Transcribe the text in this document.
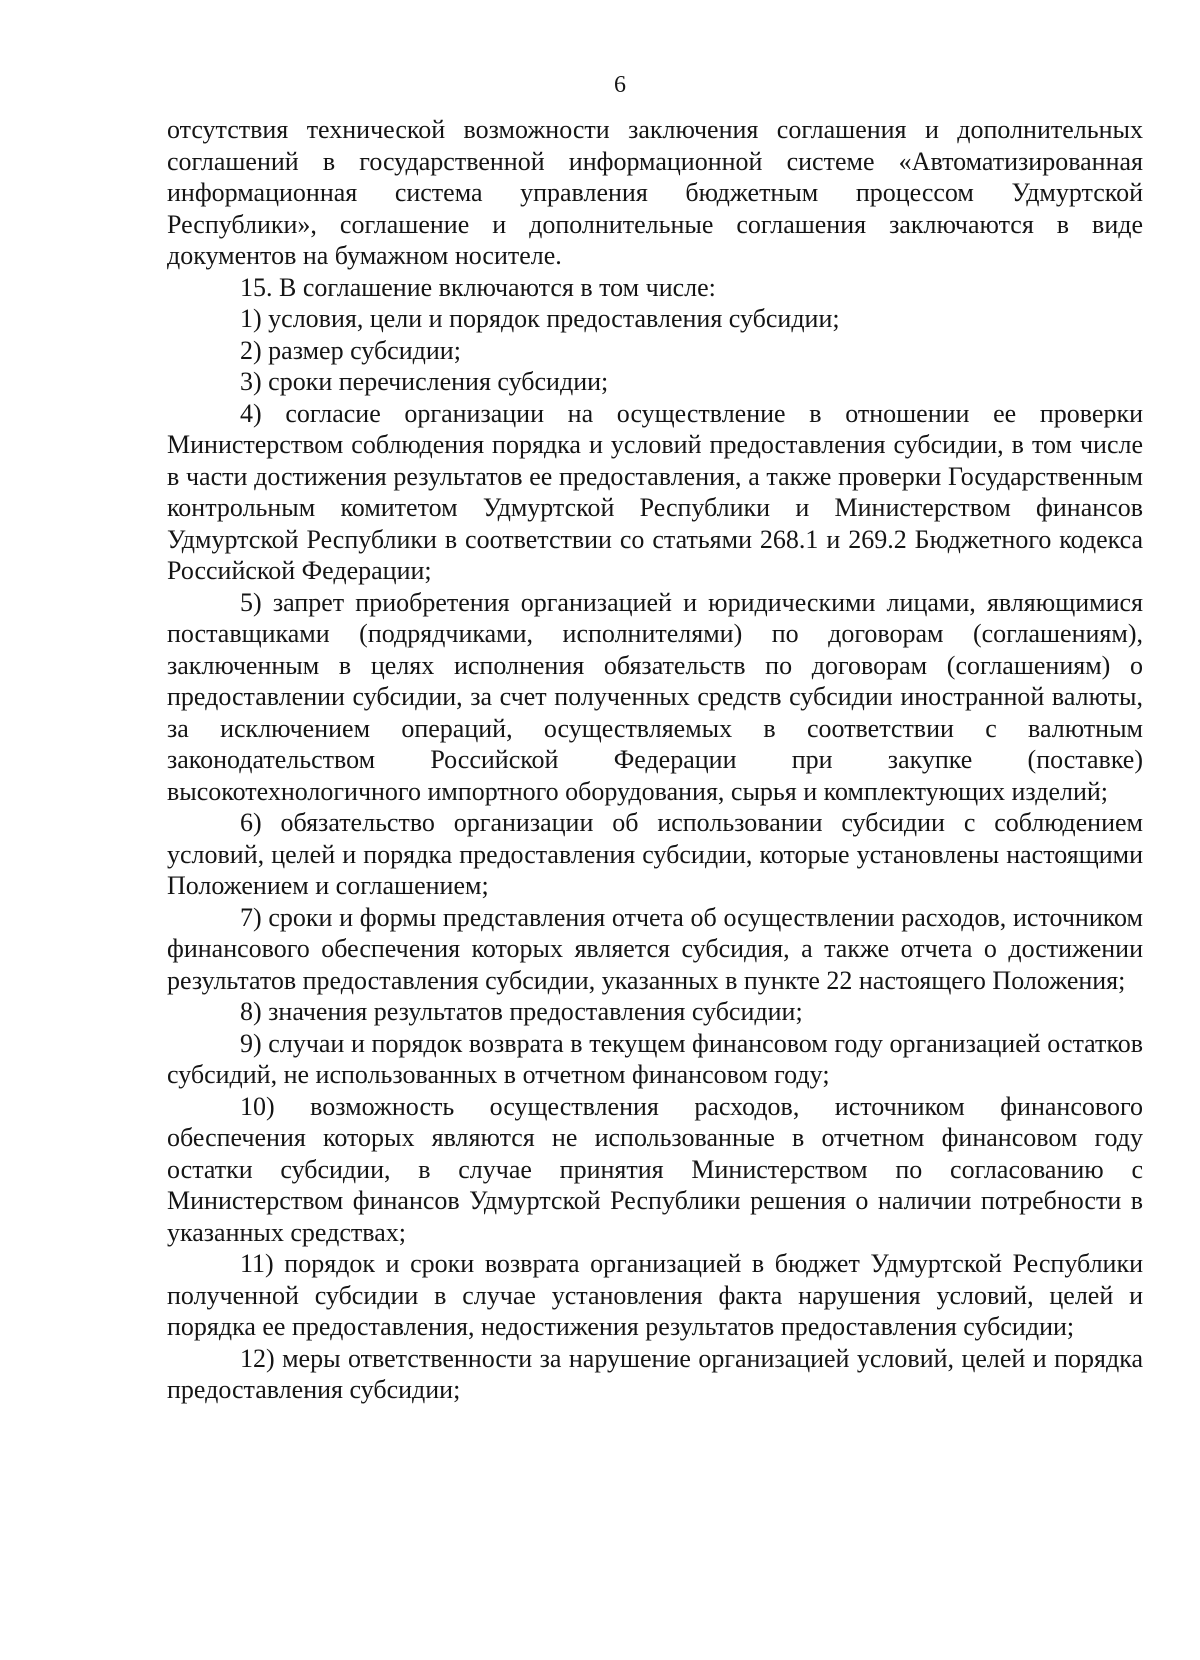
6

отсутствия технической возможности заключения соглашения и дополнительных соглашений в государственной информационной системе «Автоматизированная информационная система управления бюджетным процессом Удмуртской Республики», соглашение и дополнительные соглашения заключаются в виде документов на бумажном носителе.

15. В соглашение включаются в том числе:

1) условия, цели и порядок предоставления субсидии;

2) размер субсидии;

3) сроки перечисления субсидии;

4) согласие организации на осуществление в отношении ее проверки Министерством соблюдения порядка и условий предоставления субсидии, в том числе в части достижения результатов ее предоставления, а также проверки Государственным контрольным комитетом Удмуртской Республики и Министерством финансов Удмуртской Республики в соответствии со статьями 268.1 и 269.2 Бюджетного кодекса Российской Федерации;

5) запрет приобретения организацией и юридическими лицами, являющимися поставщиками (подрядчиками, исполнителями) по договорам (соглашениям), заключенным в целях исполнения обязательств по договорам (соглашениям) о предоставлении субсидии, за счет полученных средств субсидии иностранной валюты, за исключением операций, осуществляемых в соответствии с валютным законодательством Российской Федерации при закупке (поставке) высокотехнологичного импортного оборудования, сырья и комплектующих изделий;

6) обязательство организации об использовании субсидии с соблюдением условий, целей и порядка предоставления субсидии, которые установлены настоящими Положением и соглашением;

7) сроки и формы представления отчета об осуществлении расходов, источником финансового обеспечения которых является субсидия, а также отчета о достижении результатов предоставления субсидии, указанных в пункте 22 настоящего Положения;

8) значения результатов предоставления субсидии;

9) случаи и порядок возврата в текущем финансовом году организацией остатков субсидий, не использованных в отчетном финансовом году;

10) возможность осуществления расходов, источником финансового обеспечения которых являются не использованные в отчетном финансовом году остатки субсидии, в случае принятия Министерством по согласованию с Министерством финансов Удмуртской Республики решения о наличии потребности в указанных средствах;

11) порядок и сроки возврата организацией в бюджет Удмуртской Республики полученной субсидии в случае установления факта нарушения условий, целей и порядка ее предоставления, недостижения результатов предоставления субсидии;

12) меры ответственности за нарушение организацией условий, целей и порядка предоставления субсидии;
